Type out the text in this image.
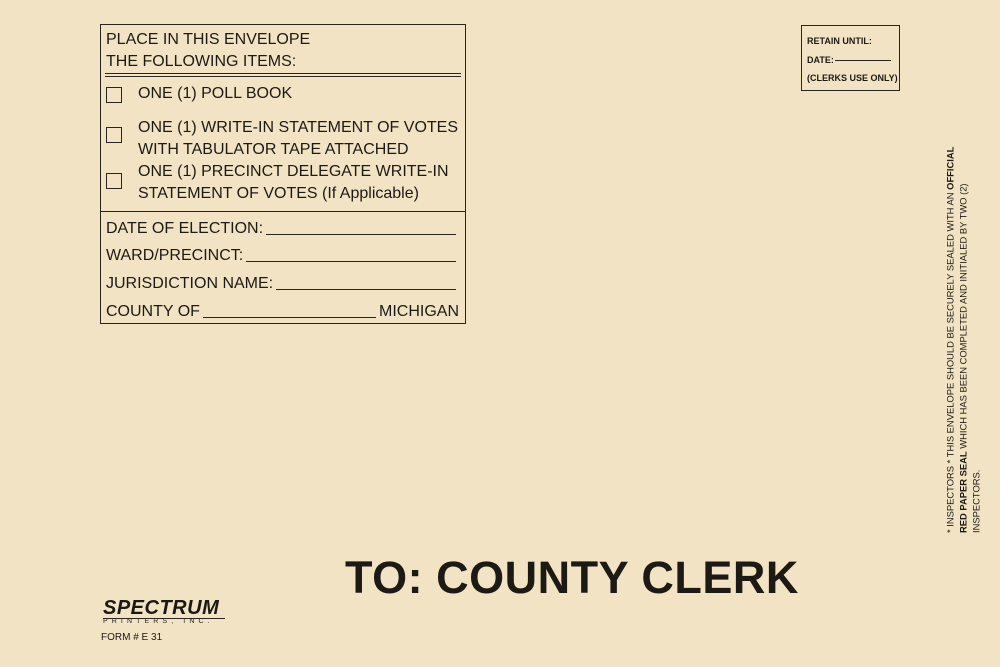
PLACE IN THIS ENVELOPE
THE FOLLOWING ITEMS:
ONE (1) POLL BOOK
ONE (1) WRITE-IN STATEMENT OF VOTES
WITH TABULATOR TAPE ATTACHED
ONE (1) PRECINCT DELEGATE WRITE-IN
STATEMENT OF VOTES (If Applicable)
DATE OF ELECTION:
WARD/PRECINCT:
JURISDICTION NAME:
COUNTY OF	MICHIGAN
RETAIN UNTIL:
DATE:
(CLERKS USE ONLY)
* INSPECTORS * THIS ENVELOPE SHOULD BE SECURELY SEALED WITH AN OFFICIAL RED PAPER SEAL WHICH HAS BEEN COMPLETED AND INITIALED BY TWO (2) INSPECTORS.
TO: COUNTY CLERK
SPECTRUM
PRINTERS, INC.
FORM # E 31
